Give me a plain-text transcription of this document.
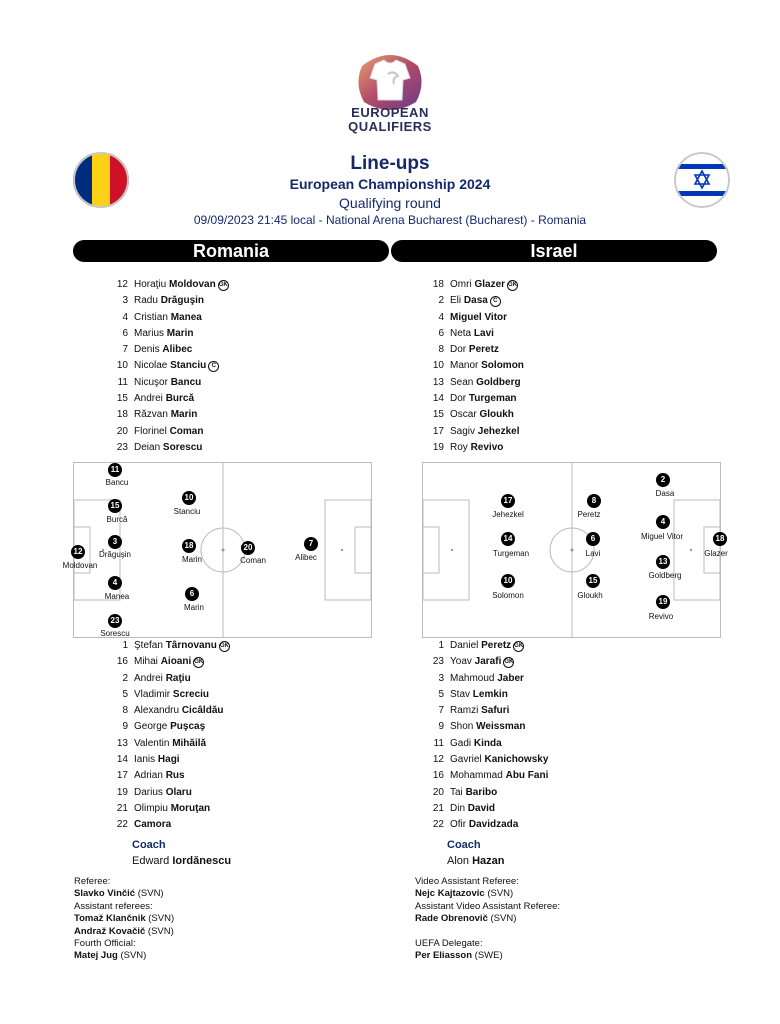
EUROPEAN
QUALIFIERS
Line-ups
European Championship 2024
Qualifying round
09/09/2023 21:45 local - National Arena Bucharest (Bucharest) - Romania
Romania	Israel
12 Horaţiu Moldovan GK
3 Radu Drăguşin
4 Cristian Manea
6 Marius Marin
7 Denis Alibec
10 Nicolae Stanciu C
11 Nicuşor Bancu
15 Andrei Burcă
18 Răzvan Marin
20 Florinel Coman
23 Deian Sorescu
18 Omri Glazer GK
2 Eli Dasa C
4 Miguel Vitor
6 Neta Lavi
8 Dor Peretz
10 Manor Solomon
13 Sean Goldberg
14 Dor Turgeman
15 Oscar Gloukh
17 Sagiv Jehezkel
19 Roy Revivo
11
Bancu
15
Burcă
12
Moldovan
3
Drăguşin
4
Manea
23
Sorescu
10
Stanciu
18
Marin
6
Marin
20
Coman
7
Alibec
17
Jehezkel
14
Turgeman
10
Solomon
8
Peretz
6
Lavi
15
Gloukh
2
Dasa
4
Miguel Vitor
13
Goldberg
19
Revivo
18
Glazer
1 Ştefan Târnovanu GK
16 Mihai Aioani GK
2 Andrei Raţiu
5 Vladimir Screciu
8 Alexandru Cicâldău
9 George Puşcaş
13 Valentin Mihăilă
14 Ianis Hagi
17 Adrian Rus
19 Darius Olaru
21 Olimpiu Moruţan
22 Camora
1 Daniel Peretz GK
23 Yoav Jarafi GK
3 Mahmoud Jaber
5 Stav Lemkin
7 Ramzi Safuri
9 Shon Weissman
11 Gadi Kinda
12 Gavriel Kanichowsky
16 Mohammad Abu Fani
20 Tai Baribo
21 Din David
22 Ofir Davidzada
Coach
Edward Iordănescu
Coach
Alon Hazan
Referee:
Slavko Vinčić (SVN)
Assistant referees:
Tomaž Klančnik (SVN)
Andraž Kovačič (SVN)
Fourth Official:
Matej Jug (SVN)
Video Assistant Referee:
Nejc Kajtazovic (SVN)
Assistant Video Assistant Referee:
Rade Obrenovič (SVN)
UEFA Delegate:
Per Eliasson (SWE)
